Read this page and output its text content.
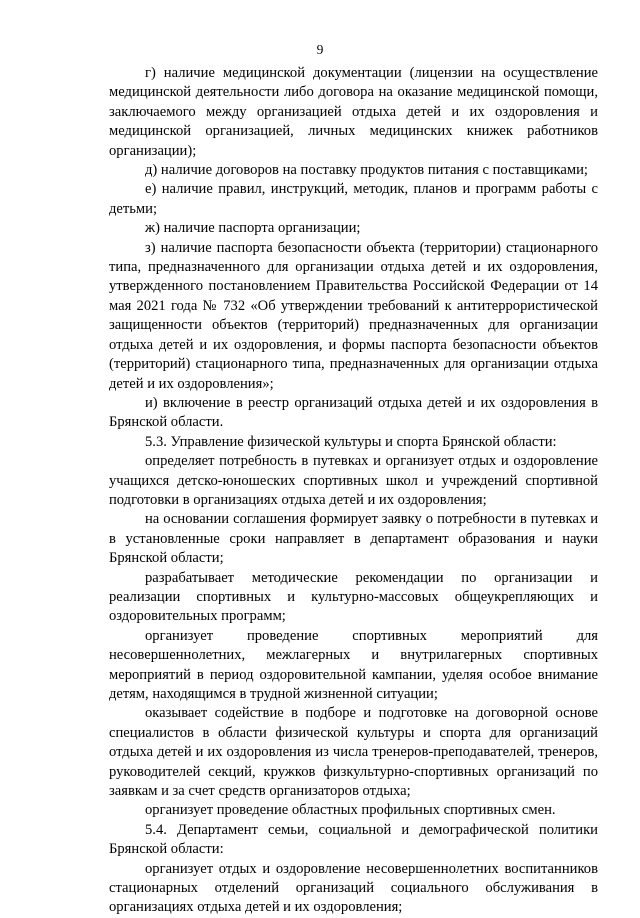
9

г) наличие медицинской документации (лицензии на осуществление медицинской деятельности либо договора на оказание медицинской помощи, заключаемого между организацией отдыха детей и их оздоровления и медицинской организацией, личных медицинских книжек работников организации);

д) наличие договоров на поставку продуктов питания с поставщиками;

е) наличие правил, инструкций, методик, планов и программ работы с детьми;

ж) наличие паспорта организации;

з) наличие паспорта безопасности объекта (территории) стационарного типа, предназначенного для организации отдыха детей и их оздоровления, утвержденного постановлением Правительства Российской Федерации от 14 мая 2021 года № 732 «Об утверждении требований к антитеррористической защищенности объектов (территорий) предназначенных для организации отдыха детей и их оздоровления, и формы паспорта безопасности объектов (территорий) стационарного типа, предназначенных для организации отдыха детей и их оздоровления»;

и) включение в реестр организаций отдыха детей и их оздоровления в Брянской области.

5.3. Управление физической культуры и спорта Брянской области:

определяет потребность в путевках и организует отдых и оздоровление учащихся детско-юношеских спортивных школ и учреждений спортивной подготовки в организациях отдыха детей и их оздоровления;

на основании соглашения формирует заявку о потребности в путевках и в установленные сроки направляет в департамент образования и науки Брянской области;

разрабатывает методические рекомендации по организации и реализации спортивных и культурно-массовых общеукрепляющих и оздоровительных программ;

организует проведение спортивных мероприятий для несовершеннолетних, межлагерных и внутрилагерных спортивных мероприятий в период оздоровительной кампании, уделяя особое внимание детям, находящимся в трудной жизненной ситуации;

оказывает содействие в подборе и подготовке на договорной основе специалистов в области физической культуры и спорта для организаций отдыха детей и их оздоровления из числа тренеров-преподавателей, тренеров, руководителей секций, кружков физкультурно-спортивных организаций по заявкам и за счет средств организаторов отдыха;

организует проведение областных профильных спортивных смен.

5.4. Департамент семьи, социальной и демографической политики Брянской области:

организует отдых и оздоровление несовершеннолетних воспитанников стационарных отделений организаций социального обслуживания в организациях отдыха детей и их оздоровления;
